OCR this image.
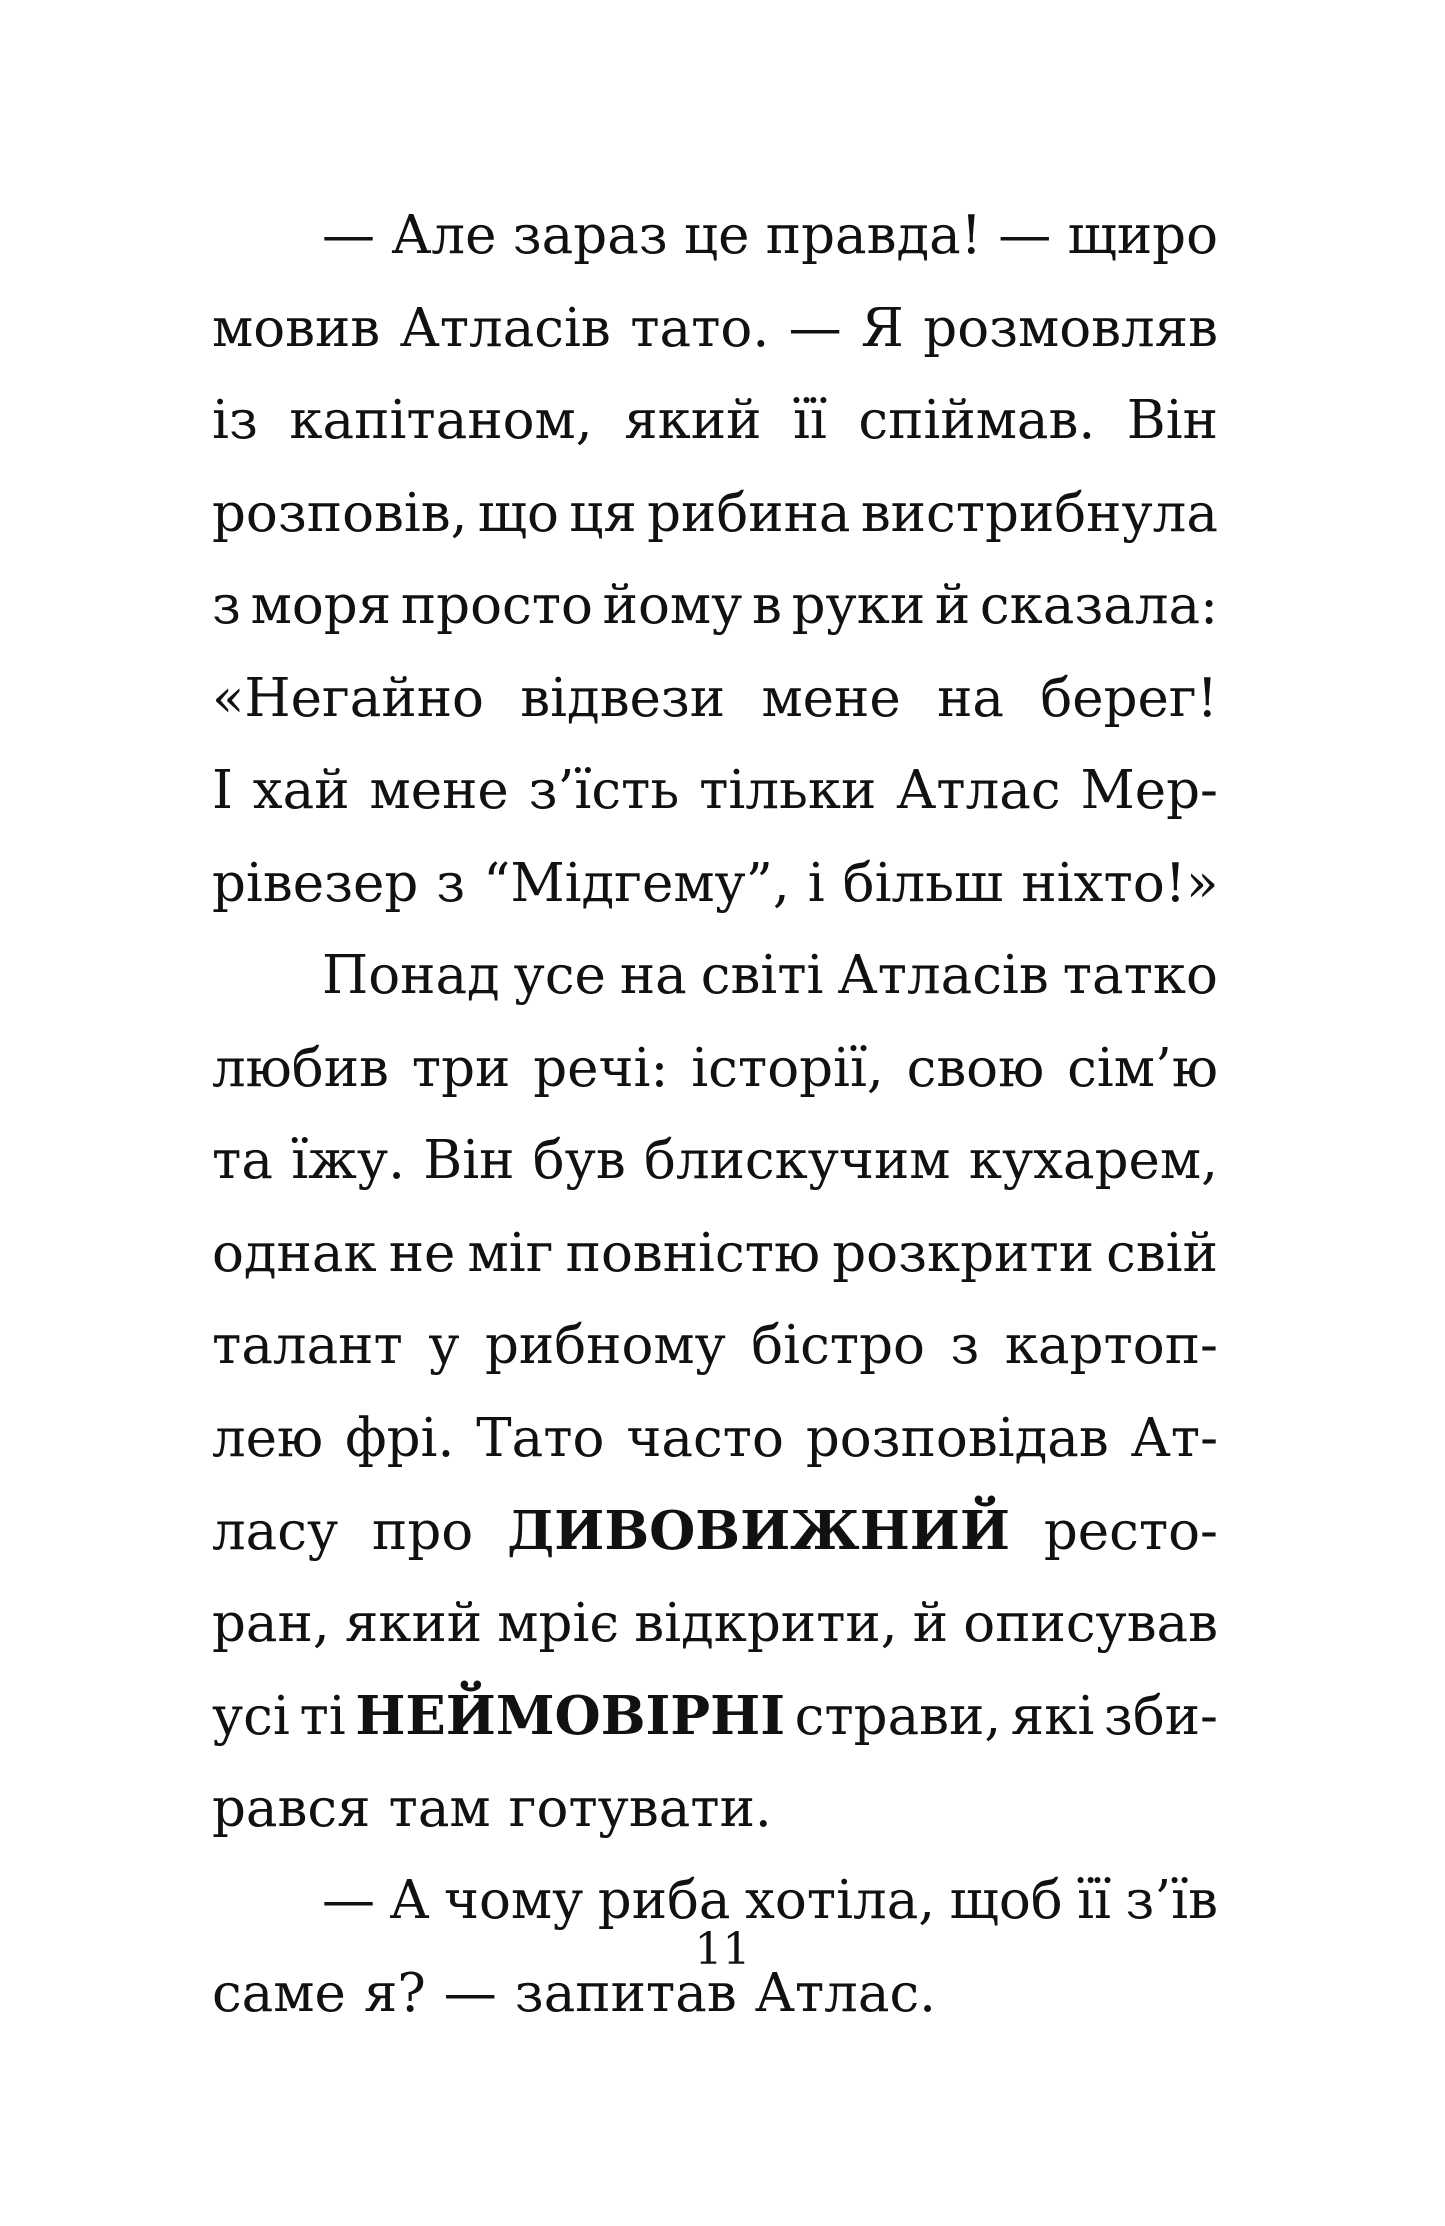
— Але зараз це правда! — щиро
мовив Атласів тато. — Я розмовляв
із капітаном, який її спіймав. Він
розповів, що ця рибина вистрибнула
з моря просто йому в руки й сказала:
«Негайно відвези мене на берег!
І хай мене з’їсть тільки Атлас Мер-
рівезер з “Мідгему”, і більш ніхто!»
Понад усе на світі Атласів татко
любив три речі: історії, свою сім’ю
та їжу. Він був блискучим кухарем,
однак не міг повністю розкрити свій
талант у рибному бістро з картоп-
лею фрі. Тато часто розповідав Ат-
ласу про ДИВОВИЖНИЙ ресто-
ран, який мріє відкрити, й описував
усі ті НЕЙМОВІРНІ страви, які зби-
рався там готувати.
— А чому риба хотіла, щоб її з’їв
саме я? — запитав Атлас.
11
